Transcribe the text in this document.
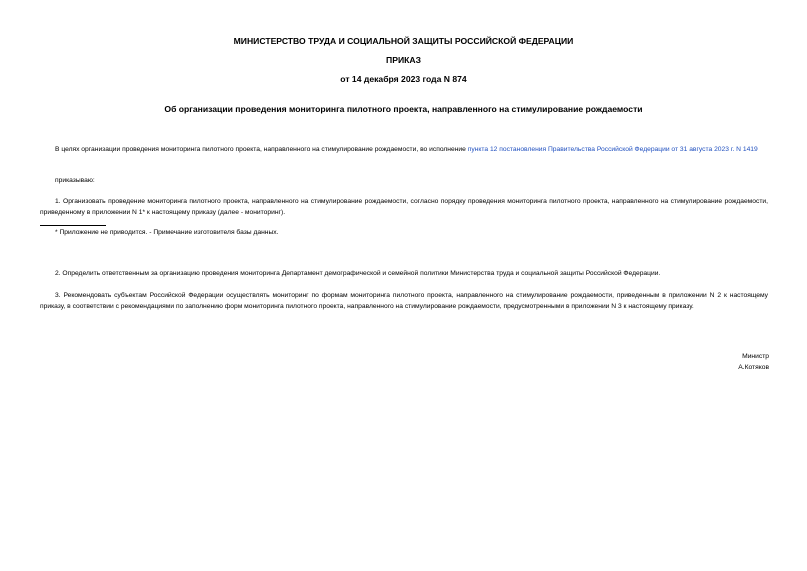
МИНИСТЕРСТВО ТРУДА И СОЦИАЛЬНОЙ ЗАЩИТЫ РОССИЙСКОЙ ФЕДЕРАЦИИ
ПРИКАЗ
от 14 декабря 2023 года N 874
Об организации проведения мониторинга пилотного проекта, направленного на стимулирование рождаемости
В целях организации проведения мониторинга пилотного проекта, направленного на стимулирование рождаемости, во исполнение пункта 12 постановления Правительства Российской Федерации от 31 августа 2023 г. N 1419
приказываю:
1. Организовать проведение мониторинга пилотного проекта, направленного на стимулирование рождаемости, согласно порядку проведения мониторинга пилотного проекта, направленного на стимулирование рождаемости, приведенному в приложении N 1* к настоящему приказу (далее - мониторинг).
* Приложение не приводится. - Примечание изготовителя базы данных.
2. Определить ответственным за организацию проведения мониторинга Департамент демографической и семейной политики Министерства труда и социальной защиты Российской Федерации.
3. Рекомендовать субъектам Российской Федерации осуществлять мониторинг по формам мониторинга пилотного проекта, направленного на стимулирование рождаемости, приведенным в приложении N 2 к настоящему приказу, в соответствии с рекомендациями по заполнению форм мониторинга пилотного проекта, направленного на стимулирование рождаемости, предусмотренными в приложении N 3 к настоящему приказу.
Министр
А.Котяков
